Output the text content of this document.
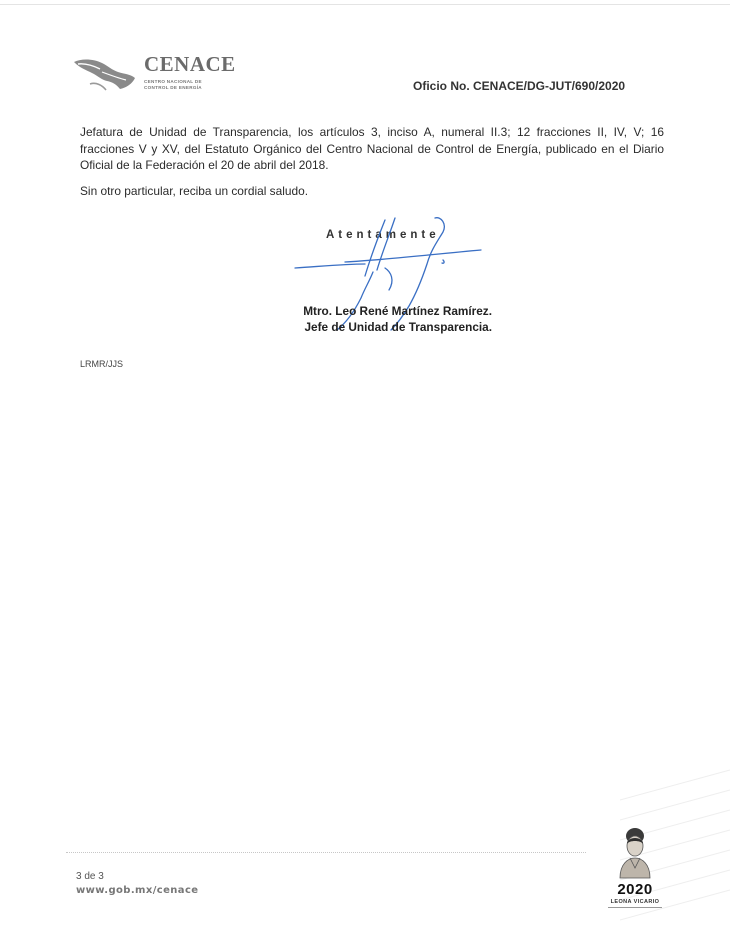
CENACE
CENTRO NACIONAL DE CONTROL DE ENERGÍA	Oficio No. CENACE/DG-JUT/690/2020
Jefatura de Unidad de Transparencia, los artículos 3, inciso A, numeral II.3; 12 fracciones II, IV, V; 16 fracciones V y XV, del Estatuto Orgánico del Centro Nacional de Control de Energía, publicado en el Diario Oficial de la Federación el 20 de abril del 2018.
Sin otro particular, reciba un cordial saludo.
Atentamente
Mtro. Leo René Martínez Ramírez.
Jefe de Unidad de Transparencia.
LRMR/JJS
3 de 3
www.gob.mx/cenace	2020
LEONA VICARIO
